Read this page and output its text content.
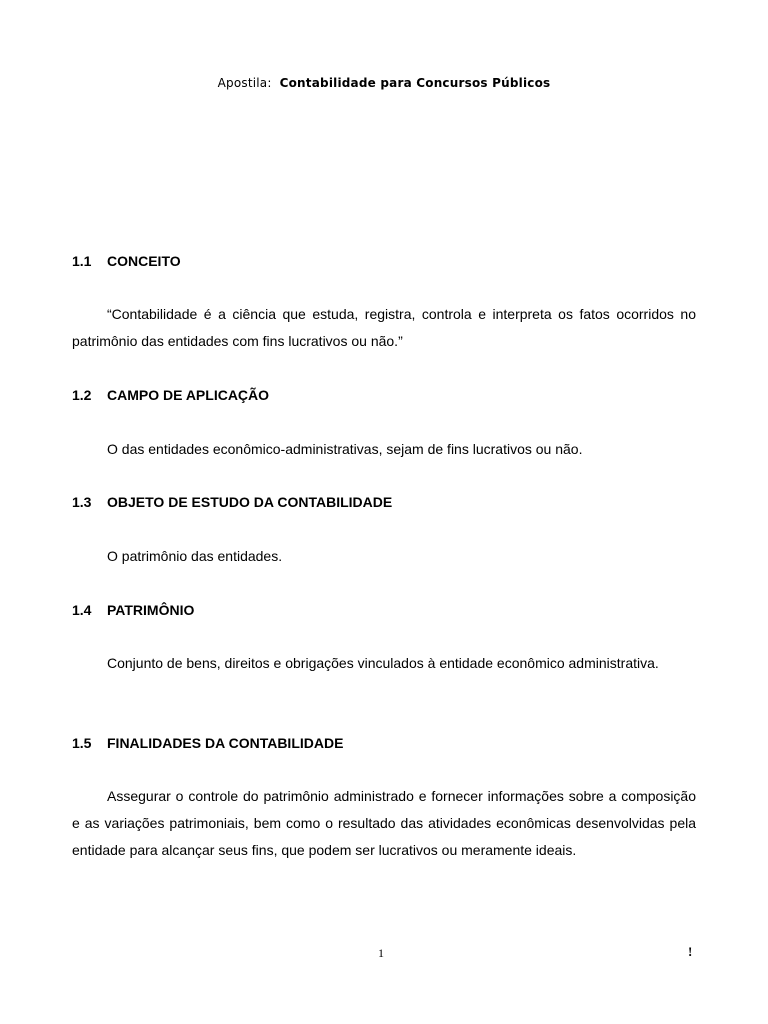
Apostila: Contabilidade para Concursos Públicos
1.1 CONCEITO
“Contabilidade é a ciência que estuda, registra, controla e interpreta os fatos ocorridos no patrimônio das entidades com fins lucrativos ou não.”
1.2 CAMPO DE APLICAÇÃO
O das entidades econômico-administrativas, sejam de fins lucrativos ou não.
1.3 OBJETO DE ESTUDO DA CONTABILIDADE
O patrimônio das entidades.
1.4 PATRIMÔNIO
Conjunto de bens, direitos e obrigações vinculados à entidade econômico administrativa.
1.5 FINALIDADES DA CONTABILIDADE
Assegurar o controle do patrimônio administrado e fornecer informações sobre a composição e as variações patrimoniais, bem como o resultado das atividades econômicas desenvolvidas pela entidade para alcançar seus fins, que podem ser lucrativos ou meramente ideais.
1	!
